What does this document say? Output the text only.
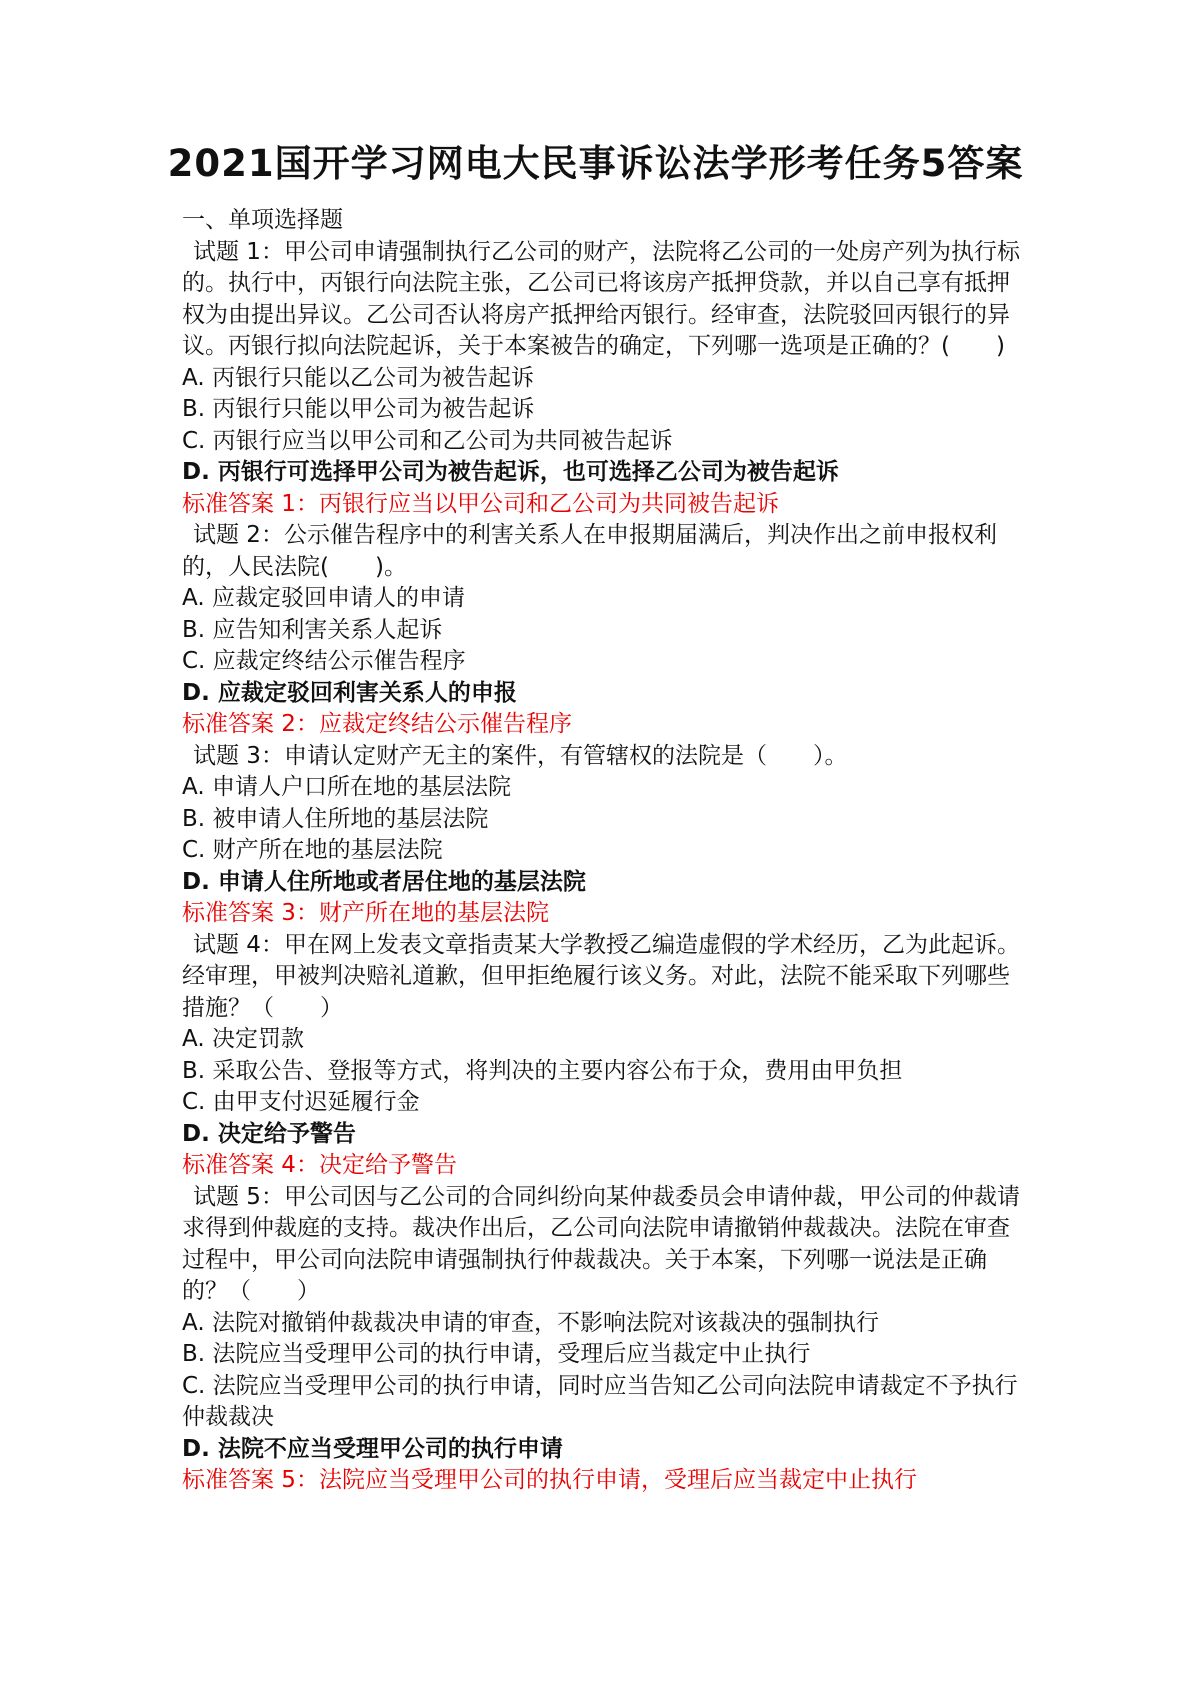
2021国开学习网电大民事诉讼法学形考任务5答案

一、单项选择题

试题 1：甲公司申请强制执行乙公司的财产，法院将乙公司的一处房产列为执行标的。执行中，丙银行向法院主张，乙公司已将该房产抵押贷款，并以自己享有抵押权为由提出异议。乙公司否认将房产抵押给丙银行。经审查，法院驳回丙银行的异议。丙银行拟向法院起诉，关于本案被告的确定，下列哪一选项是正确的？(　　)

A. 丙银行只能以乙公司为被告起诉

B. 丙银行只能以甲公司为被告起诉

C. 丙银行应当以甲公司和乙公司为共同被告起诉

D. 丙银行可选择甲公司为被告起诉，也可选择乙公司为被告起诉

标准答案 1：丙银行应当以甲公司和乙公司为共同被告起诉

试题 2：公示催告程序中的利害关系人在申报期届满后，判决作出之前申报权利的，人民法院(　　)。

A. 应裁定驳回申请人的申请

B. 应告知利害关系人起诉

C. 应裁定终结公示催告程序

D. 应裁定驳回利害关系人的申报

标准答案 2：应裁定终结公示催告程序

试题 3：申请认定财产无主的案件，有管辖权的法院是（　　）。

A. 申请人户口所在地的基层法院

B. 被申请人住所地的基层法院

C. 财产所在地的基层法院

D. 申请人住所地或者居住地的基层法院

标准答案 3：财产所在地的基层法院

试题 4：甲在网上发表文章指责某大学教授乙编造虚假的学术经历，乙为此起诉。经审理，甲被判决赔礼道歉，但甲拒绝履行该义务。对此，法院不能采取下列哪些措施？（　　）

A. 决定罚款

B. 采取公告、登报等方式，将判决的主要内容公布于众，费用由甲负担

C. 由甲支付迟延履行金

D. 决定给予警告

标准答案 4：决定给予警告

试题 5：甲公司因与乙公司的合同纠纷向某仲裁委员会申请仲裁，甲公司的仲裁请求得到仲裁庭的支持。裁决作出后，乙公司向法院申请撤销仲裁裁决。法院在审查过程中，甲公司向法院申请强制执行仲裁裁决。关于本案，下列哪一说法是正确的？（　　）

A. 法院对撤销仲裁裁决申请的审查，不影响法院对该裁决的强制执行

B. 法院应当受理甲公司的执行申请，受理后应当裁定中止执行

C. 法院应当受理甲公司的执行申请，同时应当告知乙公司向法院申请裁定不予执行仲裁裁决

D. 法院不应当受理甲公司的执行申请

标准答案 5：法院应当受理甲公司的执行申请，受理后应当裁定中止执行
